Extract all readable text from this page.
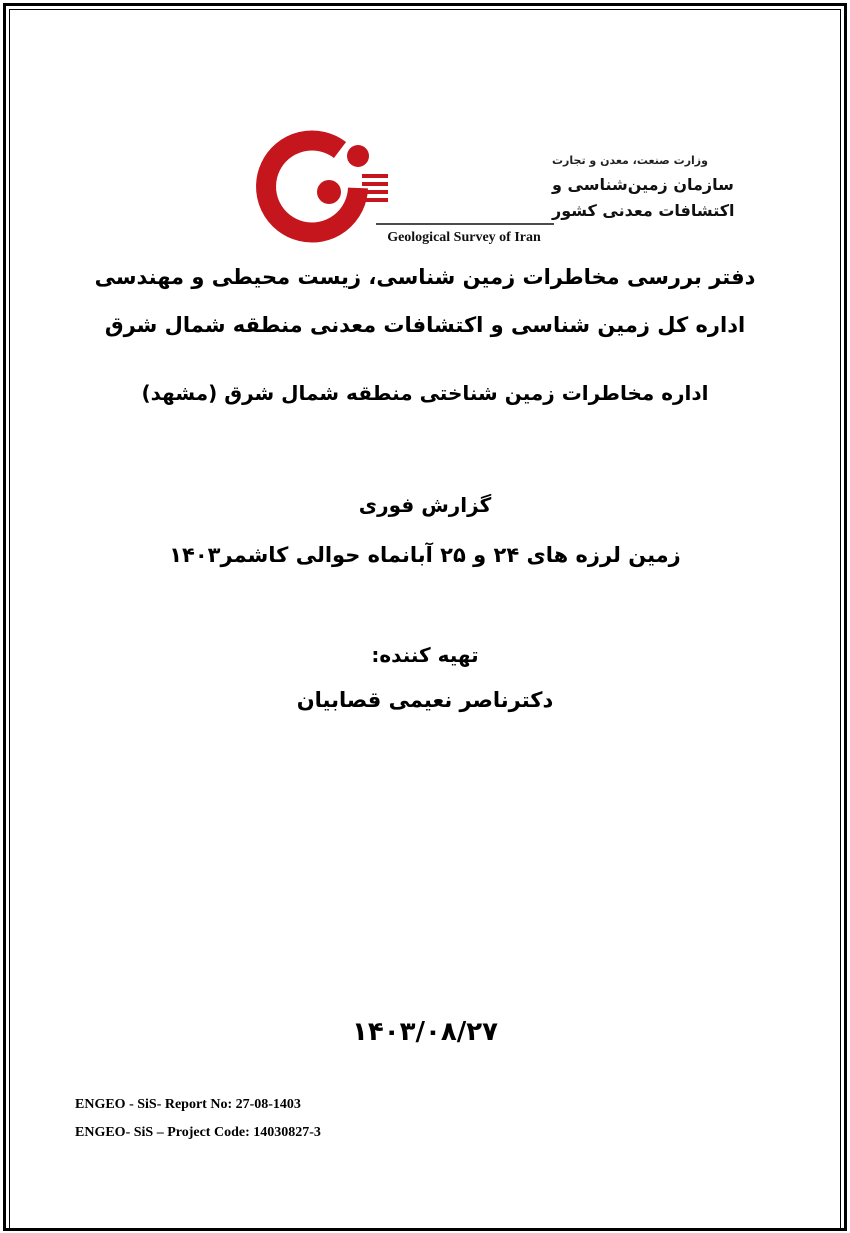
وزارت صنعت، معدن و تجارت
سازمان زمین‌شناسی و
اکتشافات معدنی کشور
Geological Survey of Iran
دفتر بررسی مخاطرات زمین شناسی، زیست محیطی و مهندسی
اداره کل زمین شناسی و اکتشافات معدنی منطقه شمال شرق
اداره مخاطرات زمین شناختی منطقه شمال شرق (مشهد)
گزارش فوری
زمین لرزه های ۲۴ و ۲۵ آبانماه حوالی کاشمر۱۴۰۳
تهیه کننده:
دکترناصر نعیمی قصابیان
۱۴۰۳/۰۸/۲۷
ENGEO - SiS- Report No: 27-08-1403
ENGEO- SiS – Project Code: 14030827-3
